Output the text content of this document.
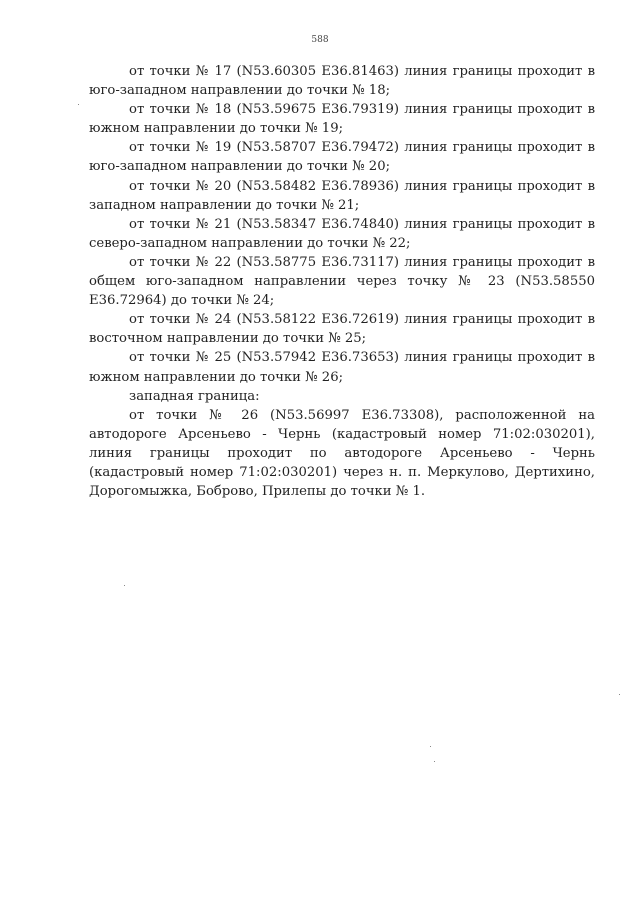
588

от точки № 17 (N53.60305 E36.81463) линия границы проходит в юго-западном направлении до точки № 18;

от точки № 18 (N53.59675 E36.79319) линия границы проходит в южном направлении до точки № 19;

от точки № 19 (N53.58707 E36.79472) линия границы проходит в юго-западном направлении до точки № 20;

от точки № 20 (N53.58482 E36.78936) линия границы проходит в западном направлении до точки № 21;

от точки № 21 (N53.58347 E36.74840) линия границы проходит в северо-западном направлении до точки № 22;

от точки № 22 (N53.58775 E36.73117) линия границы проходит в общем юго-западном направлении через точку № 23 (N53.58550 E36.72964) до точки № 24;

от точки № 24 (N53.58122 E36.72619) линия границы проходит в восточном направлении до точки № 25;

от точки № 25 (N53.57942 E36.73653) линия границы проходит в южном направлении до точки № 26;

западная граница:

от точки № 26 (N53.56997 E36.73308), расположенной на автодороге Арсеньево - Чернь (кадастровый номер 71:02:030201), линия границы проходит по автодороге Арсеньево - Чернь (кадастровый номер 71:02:030201) через н. п. Меркулово, Дертихино, Дорогомыжка, Боброво, Прилепы до точки № 1.
